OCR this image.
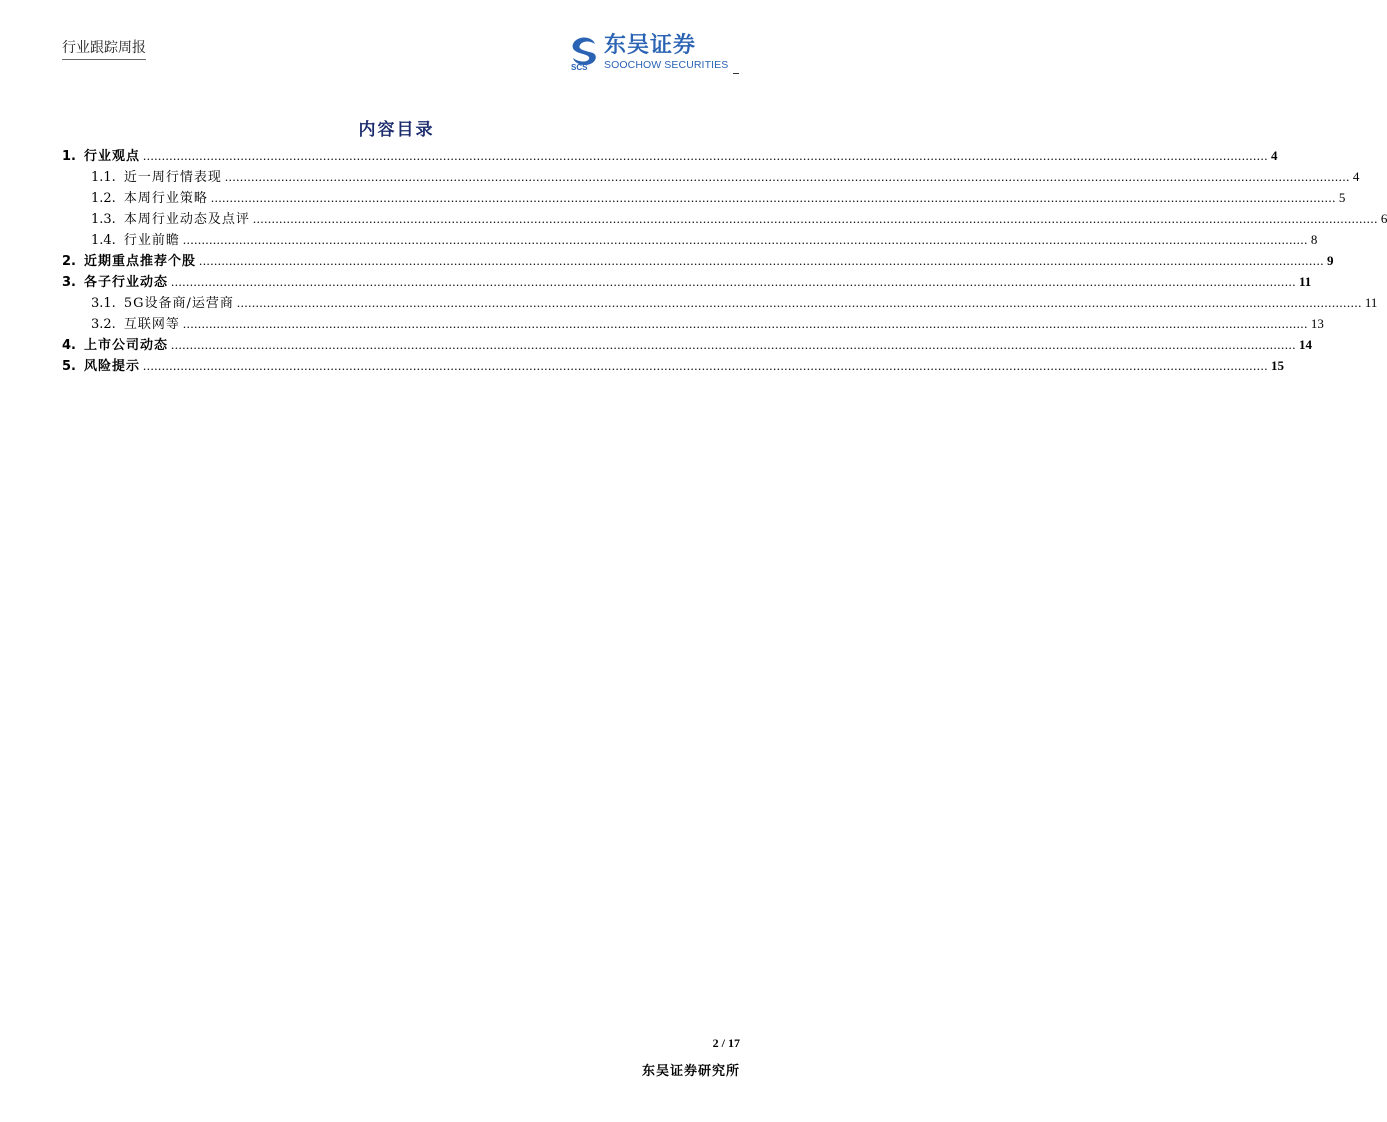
行业跟踪周报
SCS
东吴证券
SOOCHOW SECURITIES
内容目录
1. 行业观点 ............................................................................................................................................................................................................................................................................................................ 4
1.1. 近一周行情表现 ............................................................................................................................................................................................................................................................................................................ 4
1.2. 本周行业策略 ............................................................................................................................................................................................................................................................................................................ 5
1.3. 本周行业动态及点评 ............................................................................................................................................................................................................................................................................................................ 6
1.4. 行业前瞻 ............................................................................................................................................................................................................................................................................................................ 8
2. 近期重点推荐个股 ............................................................................................................................................................................................................................................................................................................ 9
3. 各子行业动态 ............................................................................................................................................................................................................................................................................................................ 11
3.1. 5G设备商/运营商 ............................................................................................................................................................................................................................................................................................................ 11
3.2. 互联网等 ............................................................................................................................................................................................................................................................................................................ 13
4. 上市公司动态 ............................................................................................................................................................................................................................................................................................................ 14
5. 风险提示 ............................................................................................................................................................................................................................................................................................................ 15
2 / 17
东吴证券研究所
